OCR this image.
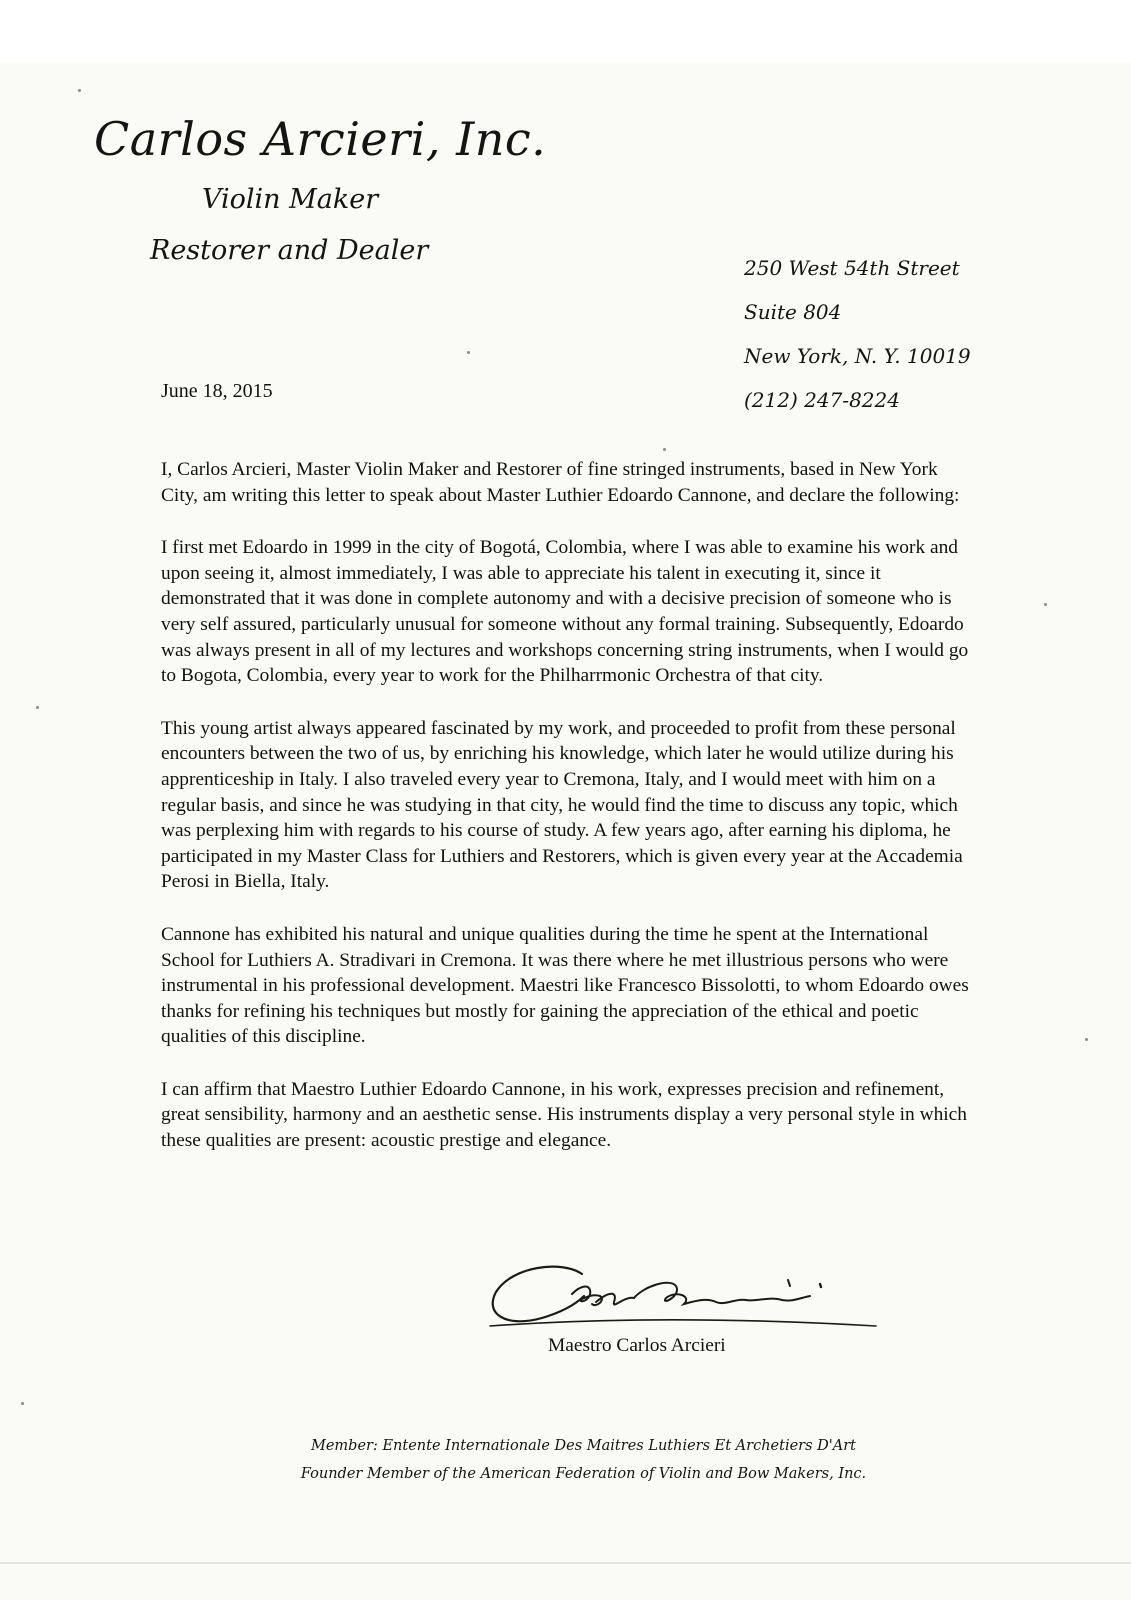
Carlos Arcieri, Inc.
Violin Maker
Restorer and Dealer
250 West 54th Street
Suite 804
New York, N. Y. 10019
(212) 247-8224
June 18, 2015

I, Carlos Arcieri, Master Violin Maker and Restorer of fine stringed instruments, based in New York City, am writing this letter to speak about Master Luthier Edoardo Cannone, and declare the following:

I first met Edoardo in 1999 in the city of Bogotá, Colombia, where I was able to examine his work and upon seeing it, almost immediately, I was able to appreciate his talent in executing it, since it demonstrated that it was done in complete autonomy and with a decisive precision of someone who is very self assured, particularly unusual for someone without any formal training. Subsequently, Edoardo was always present in all of my lectures and workshops concerning string instruments, when I would go to Bogota, Colombia, every year to work for the Philharrmonic Orchestra of that city.

This young artist always appeared fascinated by my work, and proceeded to profit from these personal encounters between the two of us, by enriching his knowledge, which later he would utilize during his apprenticeship in Italy. I also traveled every year to Cremona, Italy, and I would meet with him on a regular basis, and since he was studying in that city, he would find the time to discuss any topic, which was perplexing him with regards to his course of study. A few years ago, after earning his diploma, he participated in my Master Class for Luthiers and Restorers, which is given every year at the Accademia Perosi in Biella, Italy.

Cannone has exhibited his natural and unique qualities during the time he spent at the International School for Luthiers A. Stradivari in Cremona. It was there where he met illustrious persons who were instrumental in his professional development. Maestri like Francesco Bissolotti, to whom Edoardo owes thanks for refining his techniques but mostly for gaining the appreciation of the ethical and poetic qualities of this discipline.

I can affirm that Maestro Luthier Edoardo Cannone, in his work, expresses precision and refinement, great sensibility, harmony and an aesthetic sense. His instruments display a very personal style in which these qualities are present: acoustic prestige and elegance.

Maestro Carlos Arcieri
Member: Entente Internationale Des Maitres Luthiers Et Archetiers D'Art
Founder Member of the American Federation of Violin and Bow Makers, Inc.
